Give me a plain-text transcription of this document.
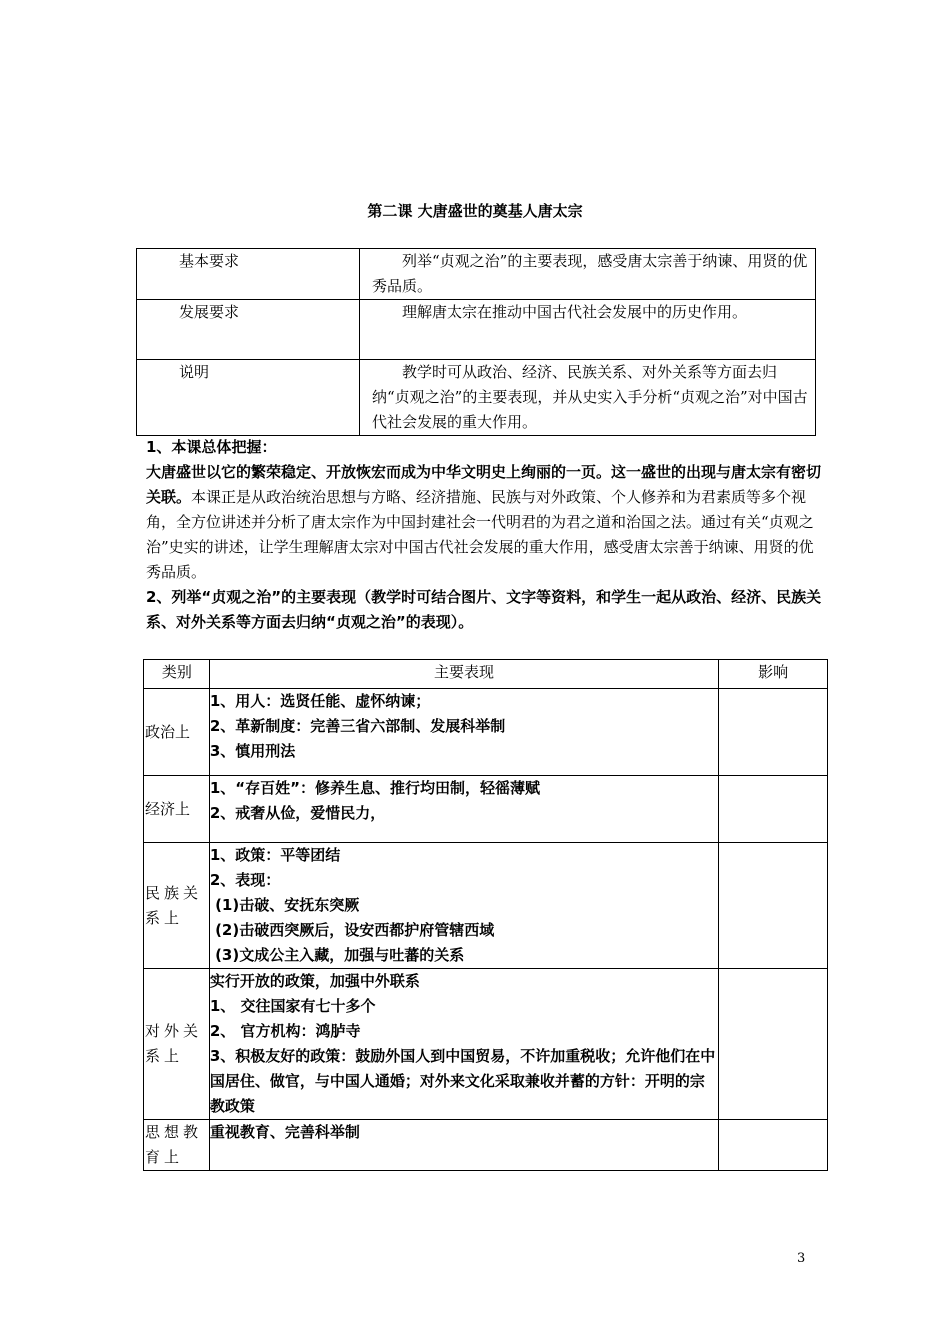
第二课 大唐盛世的奠基人唐太宗
基本要求	列举“贞观之治”的主要表现，感受唐太宗善于纳谏、用贤的优秀品质。
发展要求	理解唐太宗在推动中国古代社会发展中的历史作用。
说明	教学时可从政治、经济、民族关系、对外关系等方面去归纳“贞观之治”的主要表现，并从史实入手分析“贞观之治”对中国古代社会发展的重大作用。
1、本课总体把握：
大唐盛世以它的繁荣稳定、开放恢宏而成为中华文明史上绚丽的一页。这一盛世的出现与唐太宗有密切关联。本课正是从政治统治思想与方略、经济措施、民族与对外政策、个人修养和为君素质等多个视角，全方位讲述并分析了唐太宗作为中国封建社会一代明君的为君之道和治国之法。通过有关“贞观之治”史实的讲述，让学生理解唐太宗对中国古代社会发展的重大作用，感受唐太宗善于纳谏、用贤的优秀品质。
2、列举“贞观之治”的主要表现（教学时可结合图片、文字等资料，和学生一起从政治、经济、民族关系、对外关系等方面去归纳“贞观之治”的表现）。
类别	主要表现	影响
政治上	1、用人：选贤任能、虚怀纳谏；
2、革新制度：完善三省六部制、发展科举制
3、慎用刑法	

经济上	1、“存百姓”：修养生息、推行均田制，轻徭薄赋
2、戒奢从俭，爱惜民力，	

民族关系上	1、政策：平等团结
2、表现：
(1)击破、安抚东突厥
(2)击破西突厥后，设安西都护府管辖西域
(3)文成公主入藏，加强与吐蕃的关系	

对外关系上	实行开放的政策，加强中外联系
1、 交往国家有七十多个
2、 官方机构：鸿胪寺
3、积极友好的政策：鼓励外国人到中国贸易，不许加重税收；允许他们在中国居住、做官，与中国人通婚；对外来文化采取兼收并蓄的方针：开明的宗教政策	

思想教育上	重视教育、完善科举制	

3
